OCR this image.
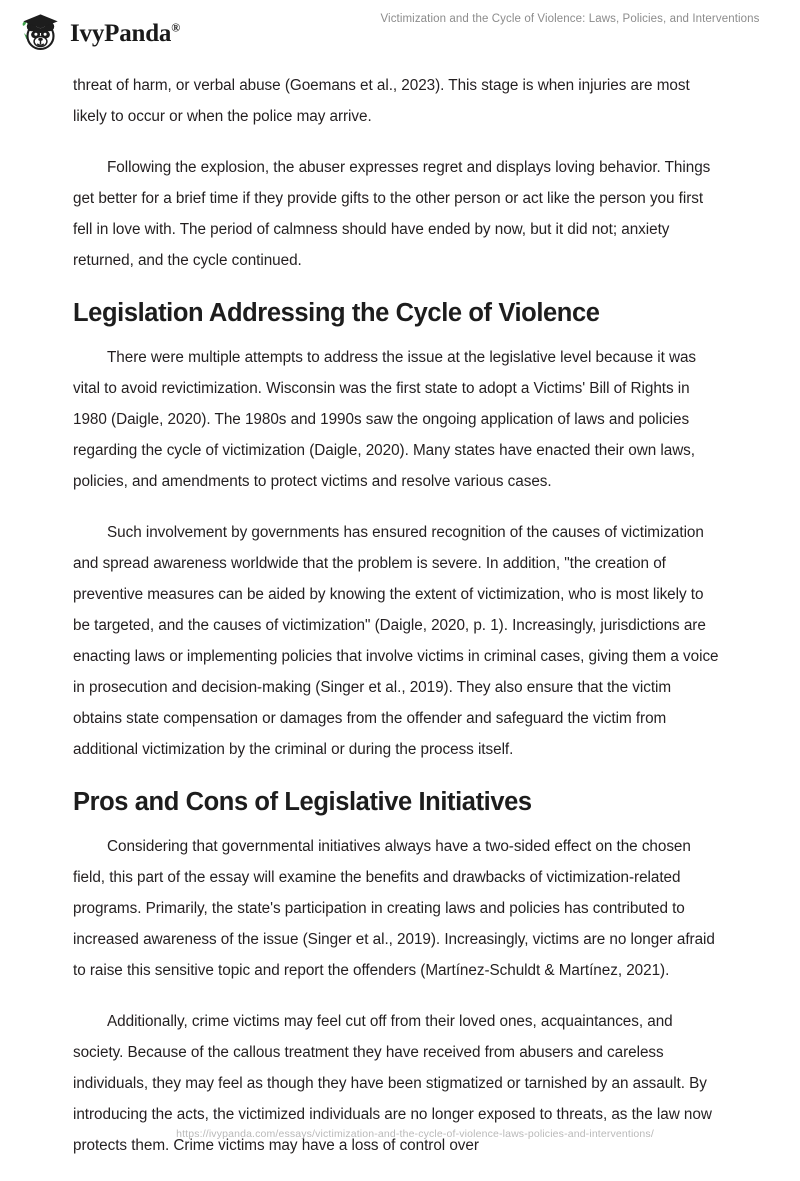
IvyPanda®
Victimization and the Cycle of Violence: Laws, Policies, and Interventions

threat of harm, or verbal abuse (Goemans et al., 2023). This stage is when injuries are most likely to occur or when the police may arrive.

Following the explosion, the abuser expresses regret and displays loving behavior. Things get better for a brief time if they provide gifts to the other person or act like the person you first fell in love with. The period of calmness should have ended by now, but it did not; anxiety returned, and the cycle continued.

Legislation Addressing the Cycle of Violence

There were multiple attempts to address the issue at the legislative level because it was vital to avoid revictimization. Wisconsin was the first state to adopt a Victims' Bill of Rights in 1980 (Daigle, 2020). The 1980s and 1990s saw the ongoing application of laws and policies regarding the cycle of victimization (Daigle, 2020). Many states have enacted their own laws, policies, and amendments to protect victims and resolve various cases.

Such involvement by governments has ensured recognition of the causes of victimization and spread awareness worldwide that the problem is severe. In addition, "the creation of preventive measures can be aided by knowing the extent of victimization, who is most likely to be targeted, and the causes of victimization" (Daigle, 2020, p. 1). Increasingly, jurisdictions are enacting laws or implementing policies that involve victims in criminal cases, giving them a voice in prosecution and decision-making (Singer et al., 2019). They also ensure that the victim obtains state compensation or damages from the offender and safeguard the victim from additional victimization by the criminal or during the process itself.

Pros and Cons of Legislative Initiatives

Considering that governmental initiatives always have a two-sided effect on the chosen field, this part of the essay will examine the benefits and drawbacks of victimization-related programs. Primarily, the state's participation in creating laws and policies has contributed to increased awareness of the issue (Singer et al., 2019). Increasingly, victims are no longer afraid to raise this sensitive topic and report the offenders (Martínez-Schuldt & Martínez, 2021).

Additionally, crime victims may feel cut off from their loved ones, acquaintances, and society. Because of the callous treatment they have received from abusers and careless individuals, they may feel as though they have been stigmatized or tarnished by an assault. By introducing the acts, the victimized individuals are no longer exposed to threats, as the law now protects them. Crime victims may have a loss of control over

https://ivypanda.com/essays/victimization-and-the-cycle-of-violence-laws-policies-and-interventions/
